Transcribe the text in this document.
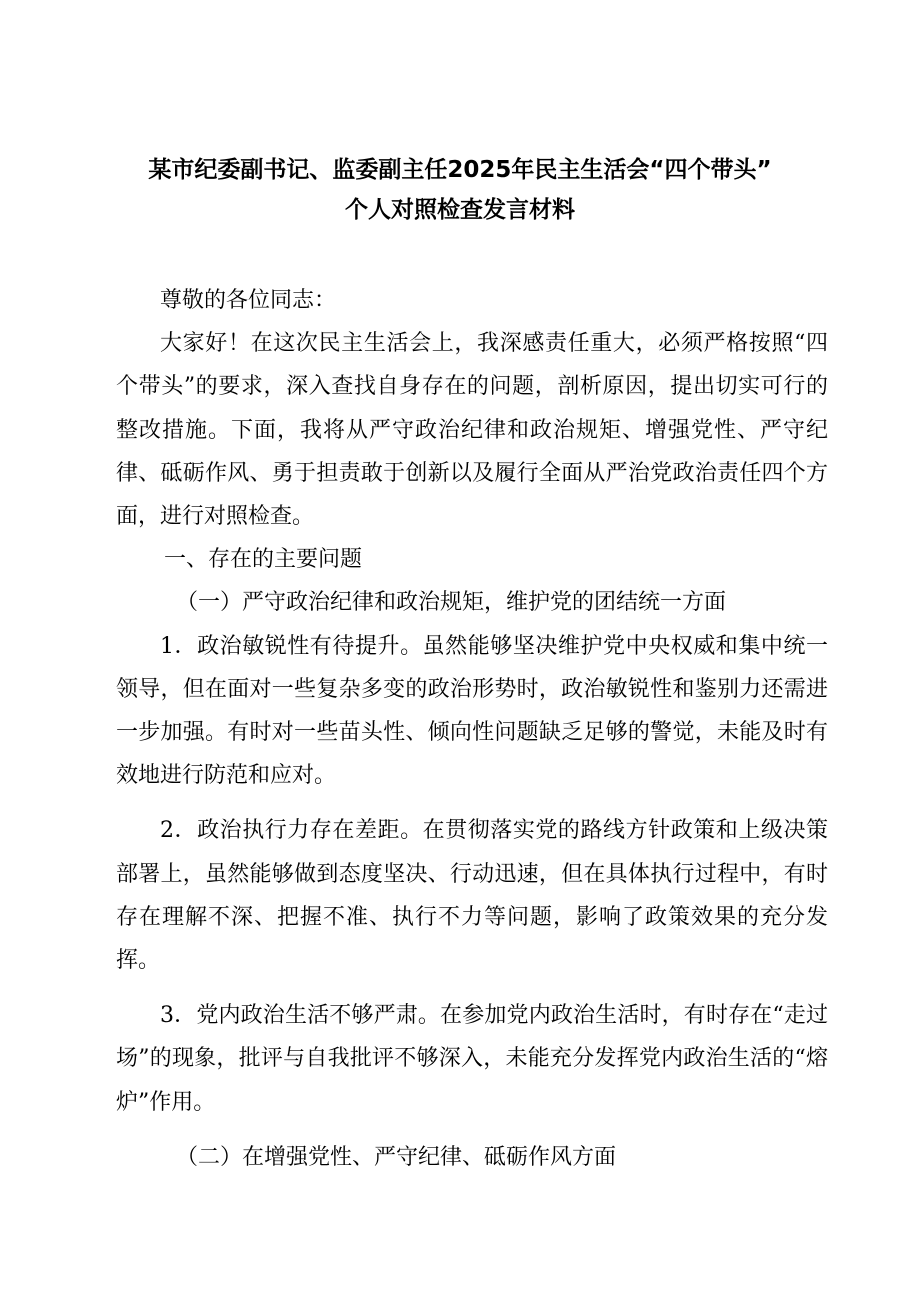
某市纪委副书记、监委副主任2025年民主生活会“四个带头”
个人对照检查发言材料

尊敬的各位同志：

大家好！在这次民主生活会上，我深感责任重大，必须严格按照“四个带头”的要求，深入查找自身存在的问题，剖析原因，提出切实可行的整改措施。下面，我将从严守政治纪律和政治规矩、增强党性、严守纪律、砥砺作风、勇于担责敢于创新以及履行全面从严治党政治责任四个方面，进行对照检查。

一、存在的主要问题

（一）严守政治纪律和政治规矩，维护党的团结统一方面

1．政治敏锐性有待提升。虽然能够坚决维护党中央权威和集中统一领导，但在面对一些复杂多变的政治形势时，政治敏锐性和鉴别力还需进一步加强。有时对一些苗头性、倾向性问题缺乏足够的警觉，未能及时有效地进行防范和应对。

2．政治执行力存在差距。在贯彻落实党的路线方针政策和上级决策部署上，虽然能够做到态度坚决、行动迅速，但在具体执行过程中，有时存在理解不深、把握不准、执行不力等问题，影响了政策效果的充分发挥。

3．党内政治生活不够严肃。在参加党内政治生活时，有时存在“走过场”的现象，批评与自我批评不够深入，未能充分发挥党内政治生活的“熔炉”作用。

（二）在增强党性、严守纪律、砥砺作风方面
